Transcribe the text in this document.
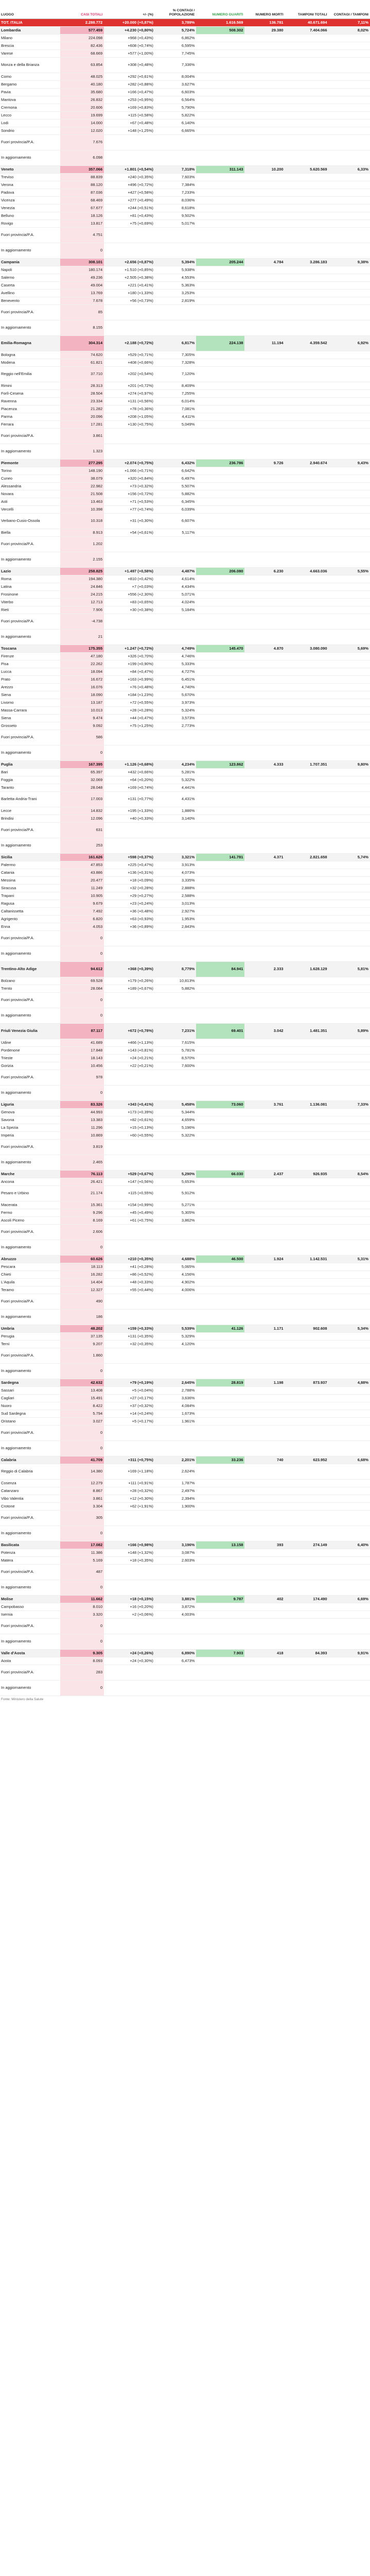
LUOGO	CASI TOTALI	+/- (%)	% CONTAGI / POPOLAZIONE	NUMERO GUARITI	NUMERO MORTI	TAMPONI TOTALI	CONTAGI / TAMPONI
TOT. ITALIA	2.288.772	+20.000 (+0,87%)	3,789%	1.616.569	136.781	40.671.694	7,11%
Lombardia	577.459	+4.230 (+0,80%)	5,724%	508.302	29.380	7.404.066	8,02%
Milano	224.098	+968 (+0,43%)	6,862%				
Brescia	82.436	+608 (+0,74%)	6,595%				
Varese	68.669	+577 (+1,00%)	7,745%				
Monza e della Brianza	63.854	+308 (+0,48%)	7,336%				
Como	48.025	+292 (+0,61%)	8,004%				
Bergamo	40.180	+282 (+0,88%)	3,627%				
Pavia	35.680	+166 (+0,47%)	6,603%				
Mantova	26.832	+253 (+0,95%)	6,564%				
Cremona	20.606	+169 (+0,83%)	5,790%				
Lecco	19.699	+115 (+0,58%)	5,822%				
Lodi	14.000	+67 (+0,48%)	6,140%				
Sondrio	12.020	+148 (+1,25%)	6,665%				
Fuori provincia/P.A.	7.676						
In aggiornamento	6.098						
Veneto	357.066	+1.801 (+0,54%)	7,318%	311.143	10.200	5.620.569	6,33%
Treviso	88.839	+240 (+0,35%)	7,603%				
Verona	88.120	+496 (+0,72%)	7,384%				
Padova	87.036	+427 (+0,58%)	7,233%				
Vicenza	68.469	+277 (+0,49%)	8,036%				
Venezia	67.677	+244 (+0,51%)	8,618%				
Belluno	18.126	+81 (+0,43%)	9,502%				
Rovigo	13.817	+75 (+0,69%)	5,017%				
Fuori provincia/P.A.	4.751						
In aggiornamento	0						
Campania	308.101	+2.656 (+0,87%)	5,394%	205.244	4.784	3.286.183	9,38%
Napoli	180.174	+1.510 (+0,85%)	5,938%				
Salerno	49.236	+2.505 (+0,38%)	4,553%				
Caserta	49.004	+221 (+0,41%)	5,363%				
Avellino	13.769	+180 (+1,33%)	3,253%				
Benevento	7.678	+56 (+0,73%)	2,819%				
Fuori provincia/P.A.	85						
In aggiornamento	8.155						
Emilia-Romagna	304.314	+2.188 (+0,72%)	6,817%	224.138	11.194	4.359.542	6,92%
Bologna	74.620	+529 (+0,71%)	7,305%				
Modena	61.821	+408 (+0,66%)	7,328%				
Reggio nell'Emilia	37.710	+202 (+0,54%)	7,120%				
Rimini	28.313	+201 (+0,72%)	8,409%				
Forlì-Cesena	28.504	+274 (+0,97%)	7,255%				
Ravenna	23.334	+131 (+0,56%)	6,014%				
Piacenza	21.282	+78 (+0,36%)	7,081%				
Parma	20.096	+208 (+1,05%)	4,411%				
Ferrara	17.281	+130 (+0,75%)	5,049%				
Fuori provincia/P.A.	3.861						
In aggiornamento	1.323						
Piemonte	277.295	+2.074 (+0,75%)	6,432%	236.786	9.726	2.940.674	9,43%
Torino	148.190	+1.066 (+0,71%)	6,642%				
Cuneo	38.079	+320 (+0,84%)	6,497%				
Alessandria	22.982	+73 (+0,32%)	5,507%				
Novara	21.508	+156 (+0,72%)	5,882%				
Asti	13.463	+71 (+0,53%)	6,345%				
Vercelli	10.398	+77 (+0,74%)	6,039%				
Verbano-Cusio-Ossola	10.318	+31 (+0,30%)	6,607%				
Biella	8.913	+54 (+0,61%)	5,117%				
Fuori provincia/P.A.	1.202						
In aggiornamento	2.155						
Lazio	258.825	+1.497 (+0,58%)	4,487%	206.080	6.230	4.663.036	5,55%
Roma	194.380	+810 (+0,42%)	4,614%				
Latina	24.846	+7 (+0,03%)	4,434%				
Frosinone	24.215	+556 (+2,30%)	5,071%				
Viterbo	12.713	+83 (+0,65%)	4,024%				
Rieti	7.906	+30 (+0,38%)	5,184%				
Fuori provincia/P.A.	-4.738						
In aggiornamento	21						
Toscana	175.355	+1.247 (+0,72%)	4,749%	145.470	4.870	3.080.090	5,69%
Firenze	47.180	+326 (+0,70%)	4,746%				
Pisa	22.262	+199 (+0,90%)	5,333%				
Lucca	18.094	+84 (+0,47%)	4,727%				
Prato	16.672	+163 (+0,99%)	6,451%				
Arezzo	16.076	+76 (+0,48%)	4,740%				
Siena	18.090	+184 (+1,23%)	5,670%				
Livorno	13.187	+72 (+0,55%)	3,973%				
Massa-Carrara	10.013	+28 (+0,28%)	5,324%				
Siena	9.474	+44 (+0,47%)	3,573%				
Grosseto	9.092	+75 (+1,25%)	2,773%				
Fuori provincia/P.A.	586						
In aggiornamento	0						
Puglia	167.395	+1.126 (+0,68%)	4,234%	123.862	4.333	1.707.351	9,80%
Bari	65.397	+432 (+0,66%)	5,281%				
Foggia	32.069	+64 (+0,20%)	5,322%				
Taranto	28.048	+169 (+0,74%)	4,441%				
Barletta-Andria-Trani	17.003	+131 (+0,77%)	4,431%				
Lecce	14.832	+195 (+1,33%)	1,886%				
Brindisi	12.096	+40 (+0,33%)	3,140%				
Fuori provincia/P.A.	631						
In aggiornamento	253						
Sicilia	161.626	+598 (+0,37%)	3,321%	141.781	4.371	2.821.658	5,74%
Palermo	47.853	+225 (+0,47%)	3,913%				
Catania	43.886	+136 (+0,31%)	4,073%				
Messina	20.477	+18 (+0,09%)	3,335%				
Siracusa	11.249	+32 (+0,28%)	2,888%				
Trapani	10.905	+29 (+0,27%)	2,588%				
Ragusa	9.679	+23 (+0,24%)	3,013%				
Caltanissetta	7.492	+36 (+0,48%)	2,927%				
Agrigento	6.820	+63 (+0,93%)	1,953%				
Enna	4.053	+36 (+0,89%)	2,843%				
Fuori provincia/P.A.	0						
In aggiornamento	0						
Trentino-Alto Adige	94.612	+368 (+0,39%)	8,779%	84.941	2.333	1.628.129	5,81%
Bolzano	69.528	+179 (+0,26%)	10,813%				
Trento	28.084	+189 (+0,67%)	5,882%				
Fuori provincia/P.A.	0						
In aggiornamento	0						
Friuli Venezia Giulia	87.117	+672 (+0,78%)	7,231%	69.401	3.042	1.481.351	5,89%
Udine	41.689	+466 (+1,13%)	7,615%				
Pordenone	17.848	+143 (+0,81%)	5,781%				
Trieste	18.143	+24 (+0,21%)	8,570%				
Gorizia	10.456	+22 (+0,21%)	7,600%				
Fuori provincia/P.A.	978						
In aggiornamento	0						
Liguria	83.326	+343 (+0,41%)	5,458%	73.060	3.761	1.136.081	7,33%
Genova	44.993	+173 (+0,39%)	5,344%				
Savona	13.383	+82 (+0,61%)	4,659%				
La Spezia	11.296	+15 (+0,13%)	5,196%				
Imperia	10.869	+60 (+0,55%)	5,322%				
Fuori provincia/P.A.	3.819						
In aggiornamento	2.465						
Marche	76.113	+529 (+0,67%)	5,290%	66.030	2.437	926.935	8,54%
Ancona	26.421	+147 (+0,56%)	5,653%				
Pesaro e Urbino	21.174	+115 (+0,55%)	5,912%				
Macerata	15.361	+154 (+0,99%)	5,271%				
Fermo	9.296	+45 (+0,49%)	5,305%				
Ascoli Piceno	8.169	+61 (+0,75%)	3,862%				
Fuori provincia/P.A.	2.606						
In aggiornamento	0						
Abruzzo	60.626	+210 (+0,35%)	4,688%	46.500	1.924	1.142.531	5,31%
Pescara	18.113	+41 (+0,28%)	5,065%				
Chieti	16.282	+86 (+0,52%)	4,156%				
L'Aquila	14.404	+48 (+0,33%)	4,902%				
Teramo	12.327	+55 (+0,44%)	4,006%				
Fuori provincia/P.A.	490						
In aggiornamento	186						
Umbria	48.202	+159 (+0,33%)	5,539%	41.126	1.171	902.608	5,34%
Perugia	37.135	+131 (+0,35%)	5,329%				
Terni	9.207	+32 (+0,35%)	4,120%				
Fuori provincia/P.A.	1.860						
In aggiornamento	0						
Sardegna	42.632	+79 (+0,19%)	2,645%	28.819	1.198	873.937	4,88%
Sassari	13.408	+5 (+0,04%)	2,788%				
Cagliari	15.491	+27 (+0,17%)	3,636%				
Nuoro	8.422	+37 (+0,32%)	4,084%				
Sud Sardegna	5.794	+14 (+0,24%)	1,673%				
Oristano	3.027	+5 (+0,17%)	1,961%				
Fuori provincia/P.A.	0						
In aggiornamento	0						
Calabria	41.709	+311 (+0,75%)	2,201%	33.236	740	623.952	6,68%
Reggio di Calabria	14.380	+169 (+1,18%)	2,624%				
Cosenza	12.279	+111 (+0,91%)	1,787%				
Catanzaro	8.867	+28 (+0,32%)	2,497%				
Vibo Valentia	3.861	+12 (+0,30%)	2,394%				
Crotone	3.304	+62 (+1,91%)	1,900%				
Fuori provincia/P.A.	305						
In aggiornamento	0						
Basilicata	17.082	+166 (+0,98%)	3,196%	13.158	393	274.149	6,40%
Potenza	11.386	+148 (+1,32%)	3,087%				
Matera	5.169	+18 (+0,35%)	2,603%				
Fuori provincia/P.A.	487						
In aggiornamento	0						
Molise	11.662	+18 (+0,15%)	3,881%	9.787	402	174.490	6,69%
Campobasso	8.010	+16 (+0,20%)	3,872%				
Isernia	3.320	+2 (+0,06%)	4,003%				
Fuori provincia/P.A.	0						
In aggiornamento	0						
Valle d'Aosta	9.305	+24 (+0,26%)	6,890%	7.903	418	84.393	9,91%
Aosta	8.093	+24 (+0,30%)	6,473%				
Fuori provincia/P.A.	283						
In aggiornamento	0						
Fonte: Ministero della Salute
